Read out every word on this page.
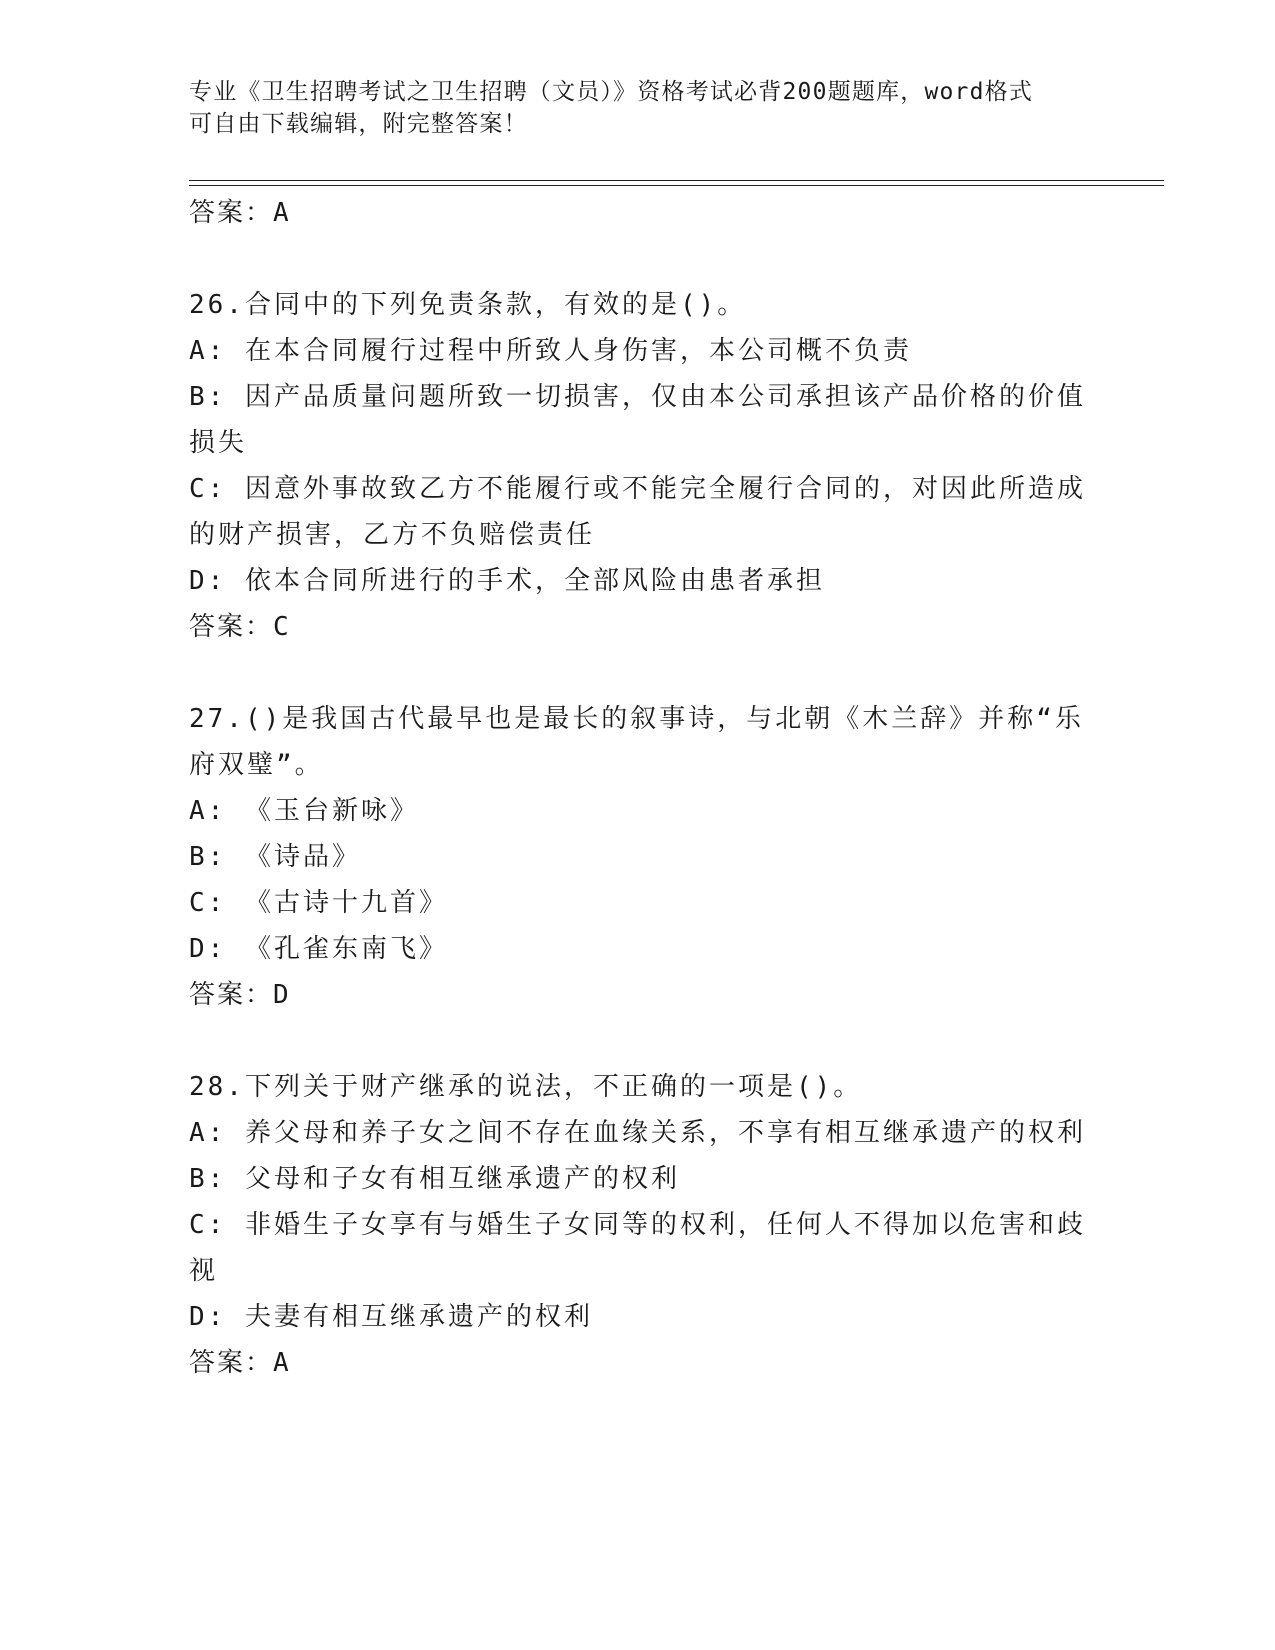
专业《卫生招聘考试之卫生招聘（文员）》资格考试必背200题题库，word格式
可自由下载编辑，附完整答案！
答案：A
26.合同中的下列免责条款，有效的是()。
A: 在本合同履行过程中所致人身伤害，本公司概不负责
B: 因产品质量问题所致一切损害，仅由本公司承担该产品价格的价值
损失
C: 因意外事故致乙方不能履行或不能完全履行合同的，对因此所造成
的财产损害，乙方不负赔偿责任
D: 依本合同所进行的手术，全部风险由患者承担
答案：C
27.()是我国古代最早也是最长的叙事诗，与北朝《木兰辞》并称“乐
府双璧”。
A: 《玉台新咏》
B: 《诗品》
C: 《古诗十九首》
D: 《孔雀东南飞》
答案：D
28.下列关于财产继承的说法，不正确的一项是()。
A: 养父母和养子女之间不存在血缘关系，不享有相互继承遗产的权利
B: 父母和子女有相互继承遗产的权利
C: 非婚生子女享有与婚生子女同等的权利，任何人不得加以危害和歧
视
D: 夫妻有相互继承遗产的权利
答案：A
